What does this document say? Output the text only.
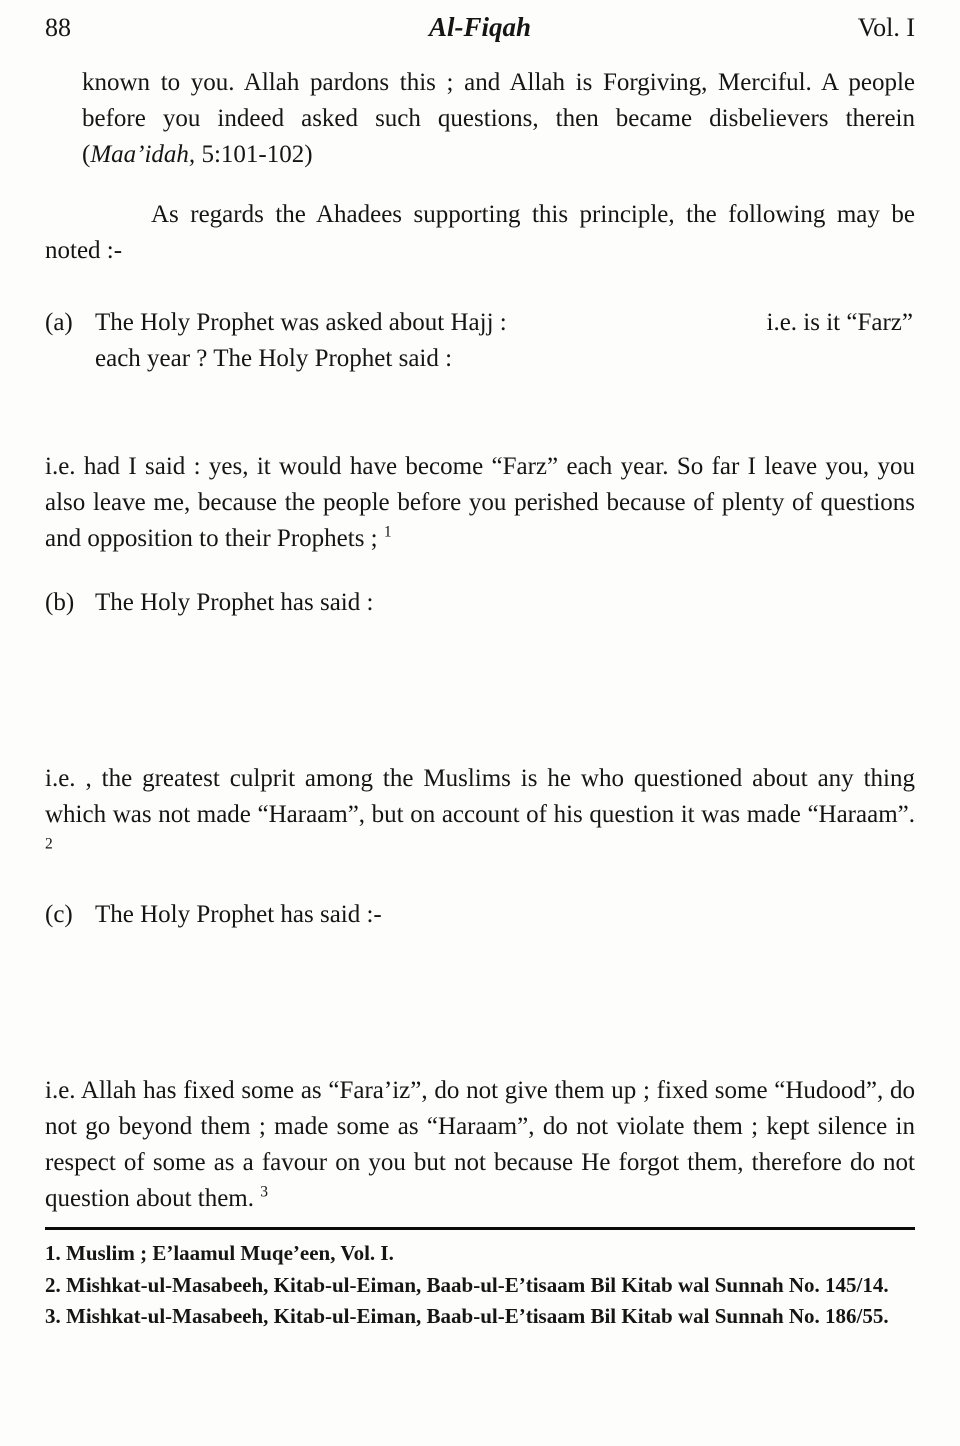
88	Al-Fiqah	Vol. I

known to you. Allah pardons this ; and Allah is Forgiving, Merciful. A people before you indeed asked such questions, then became disbelievers therein (Maa’idah, 5:101-102)

As regards the Ahadees supporting this principle, the following may be noted :-

(a) The Holy Prophet was asked about Hajj :	i.e. is it “Farz”
each year ? The Holy Prophet said :

i.e. had I said : yes, it would have become “Farz” each year. So far I leave you, you also leave me, because the people before you perished because of plenty of questions and opposition to their Prophets ; $^1$

(b) The Holy Prophet has said :

i.e. , the greatest culprit among the Muslims is he who questioned about any thing which was not made “Haraam”, but on account of his question it was made “Haraam”. $^2$

(c) The Holy Prophet has said :-

i.e. Allah has fixed some as “Fara’iz”, do not give them up ; fixed some “Hudood”, do not go beyond them ; made some as “Haraam”, do not violate them ; kept silence in respect of some as a favour on you but not because He forgot them, therefore do not question about them. $^3$

1. Muslim ; E’laamul Muqe’een, Vol. I.

2. Mishkat-ul-Masabeeh, Kitab-ul-Eiman, Baab-ul-E’tisaam Bil Kitab wal Sunnah No. 145/14.

3. Mishkat-ul-Masabeeh, Kitab-ul-Eiman, Baab-ul-E’tisaam Bil Kitab wal Sunnah No. 186/55.
